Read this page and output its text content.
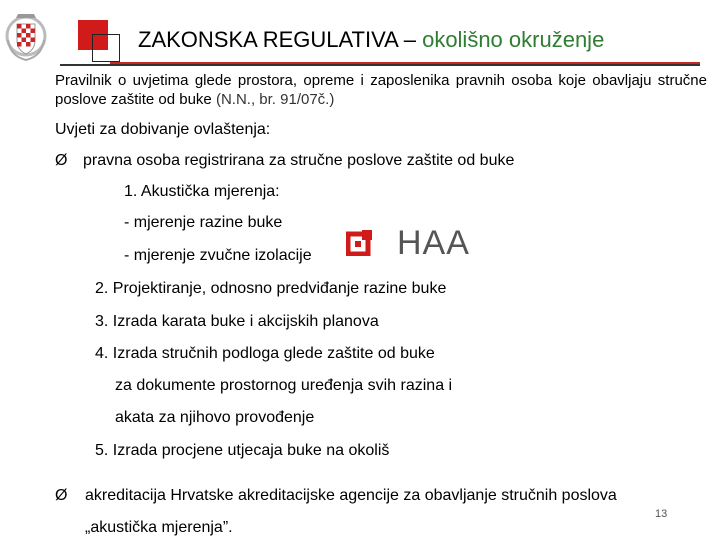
ZAKONSKA REGULATIVA – okolišno okruženje
Pravilnik o uvjetima glede prostora, opreme i zaposlenika pravnih osoba koje obavljaju stručne poslove zaštite od buke (N.N., br. 91/07č.)
Uvjeti za dobivanje ovlaštenja:
Ø pravna osoba registrirana za stručne poslove zaštite od buke
1. Akustička mjerenja:
- mjerenje razine buke
- mjerenje zvučne izolacije	HAA
2. Projektiranje, odnosno predviđanje razine buke
3. Izrada karata buke i akcijskih planova
4. Izrada stručnih podloga glede zaštite od buke
za dokumente prostornog uređenja svih razina i
akata za njihovo provođenje
5. Izrada procjene utjecaja buke na okoliš
Ø akreditacija Hrvatske akreditacijske agencije za obavljanje stručnih poslova
„akustička mjerenja”.
13
